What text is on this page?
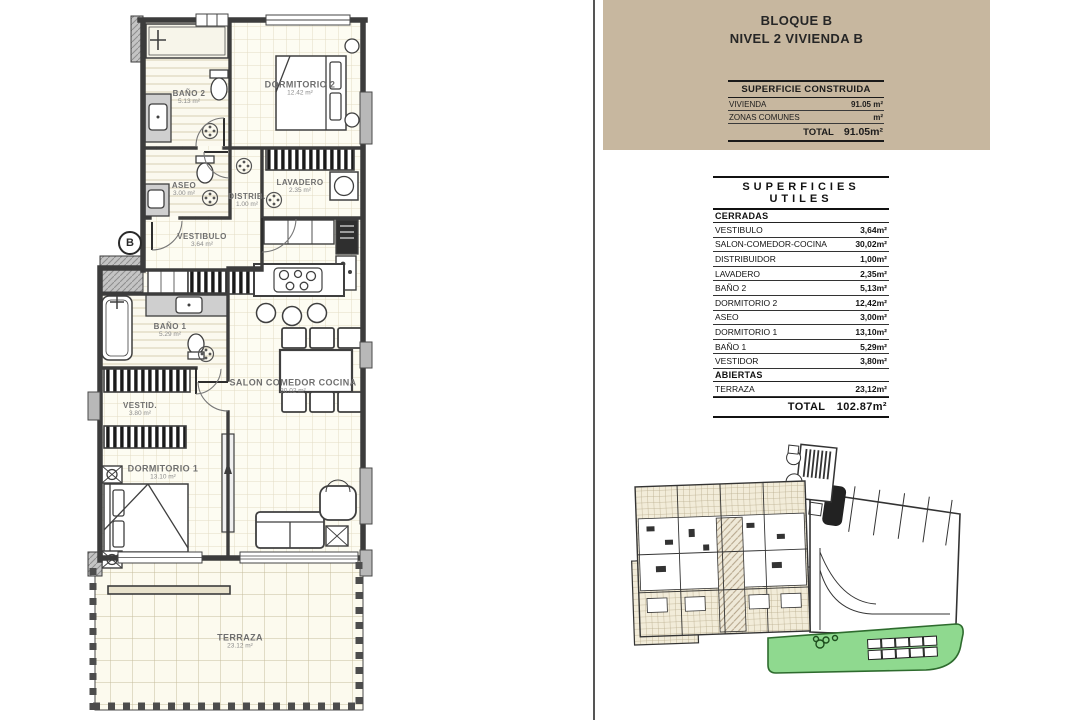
BAÑO 2
5.13 m²
DORMITORIO 2
12.42 m²
ASEO
3.00 m²	DISTRIB.
1.00 m²
LAVADERO
2.35 m²
VESTIBULO
3.64 m²
BAÑO 1
5.29 m²
VESTID.
3.80 m²
SALON COMEDOR COCINA
30.02 m²
DORMITORIO 1
13.10 m²
TERRAZA
23.12 m²
B
BLOQUE B
NIVEL 2 VIVIENDA B
SUPERFICIE CONSTRUIDA
VIVIENDA	91.05 m²
ZONAS COMUNES	m²
TOTAL 91.05m²
SUPERFICIES UTILES
CERRADAS
VESTIBULO	3,64m²
SALON-COMEDOR-COCINA	30,02m²
DISTRIBUIDOR	1,00m²
LAVADERO	2,35m²
BAÑO 2	5,13m²
DORMITORIO 2	12,42m²
ASEO	3,00m²
DORMITORIO 1	13,10m²
BAÑO 1	5,29m²
VESTIDOR	3,80m²
ABIERTAS
TERRAZA	23,12m²
TOTAL 102.87m²
